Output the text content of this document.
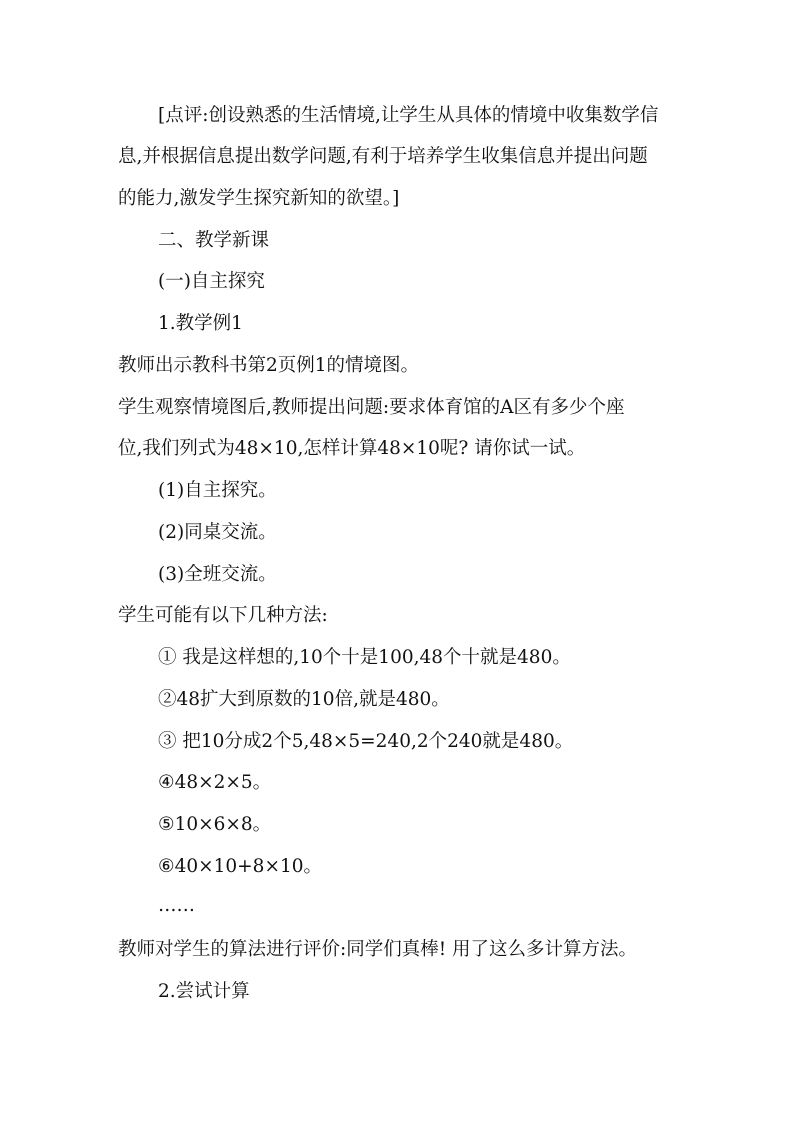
[点评:创设熟悉的生活情境,让学生从具体的情境中收集数学信
息,并根据信息提出数学问题,有利于培养学生收集信息并提出问题
的能力,激发学生探究新知的欲望。]
二、教学新课
(一)自主探究
1.教学例1
教师出示教科书第2页例1的情境图。
学生观察情境图后,教师提出问题:要求体育馆的A区有多少个座
位,我们列式为48×10,怎样计算48×10呢? 请你试一试。
(1)自主探究。
(2)同桌交流。
(3)全班交流。
学生可能有以下几种方法:
① 我是这样想的,10个十是100,48个十就是480。
②48扩大到原数的10倍,就是480。
③ 把10分成2个5,48×5=240,2个240就是480。
④48×2×5。
⑤10×6×8。
⑥40×10+8×10。
……
教师对学生的算法进行评价:同学们真棒! 用了这么多计算方法。
2.尝试计算
